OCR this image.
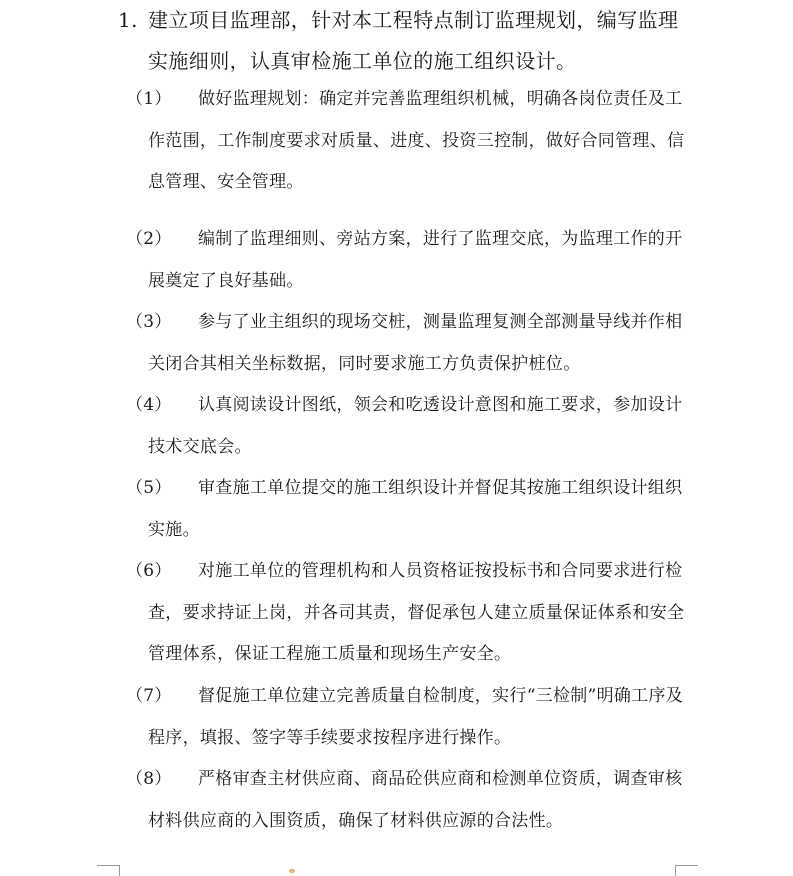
1. 建立项目监理部，针对本工程特点制订监理规划，编写监理实施细则，认真审检施工单位的施工组织设计。
（1）	做好监理规划：确定并完善监理组织机械，明确各岗位责任及工作范围，工作制度要求对质量、进度、投资三控制，做好合同管理、信息管理、安全管理。
（2）	编制了监理细则、旁站方案，进行了监理交底，为监理工作的开展奠定了良好基础。
（3）	参与了业主组织的现场交桩，测量监理复测全部测量导线并作相关闭合其相关坐标数据，同时要求施工方负责保护桩位。
（4）	认真阅读设计图纸，领会和吃透设计意图和施工要求，参加设计技术交底会。
（5）	审查施工单位提交的施工组织设计并督促其按施工组织设计组织实施。
（6）	对施工单位的管理机构和人员资格证按投标书和合同要求进行检查，要求持证上岗，并各司其责，督促承包人建立质量保证体系和安全管理体系，保证工程施工质量和现场生产安全。
（7）	督促施工单位建立完善质量自检制度，实行“三检制”明确工序及程序，填报、签字等手续要求按程序进行操作。
（8）	严格审查主材供应商、商品砼供应商和检测单位资质，调查审核材料供应商的入围资质，确保了材料供应源的合法性。
